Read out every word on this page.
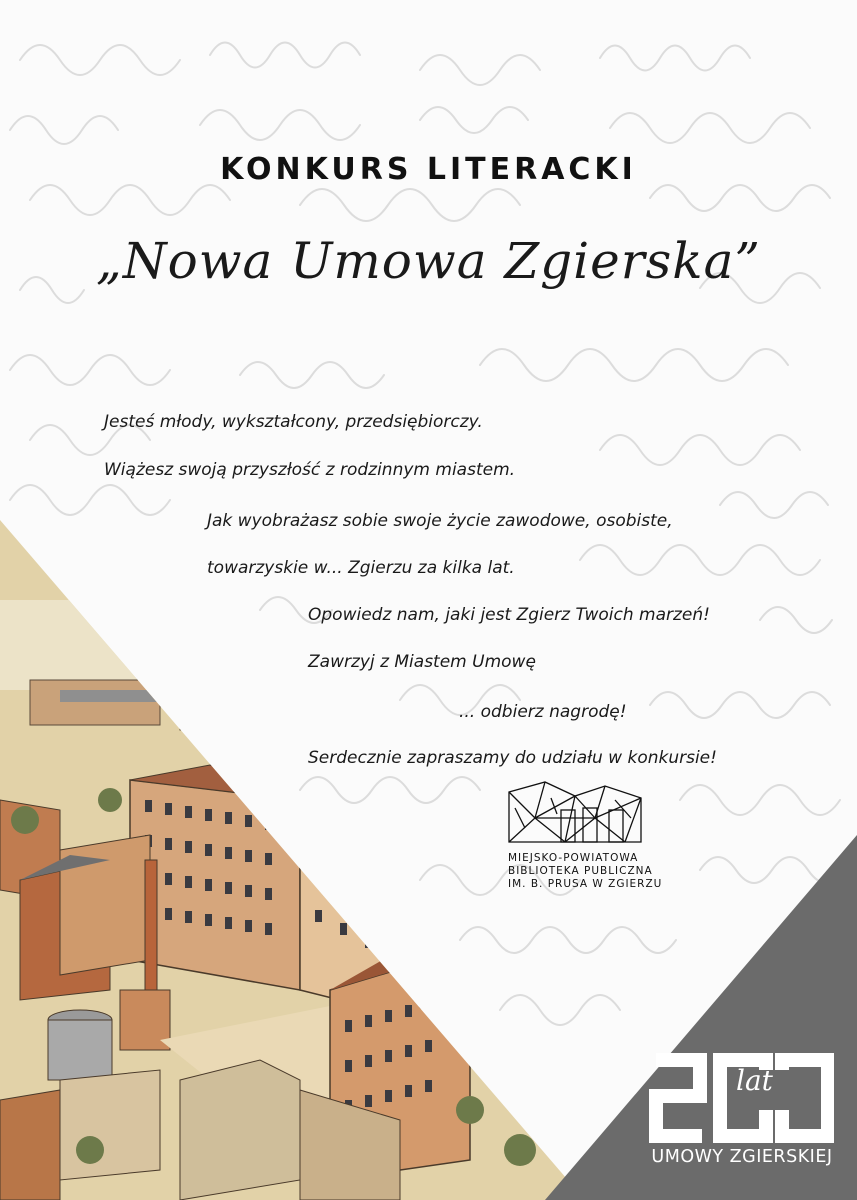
KONKURS LITERACKI
„Nowa Umowa Zgierska”
Jesteś młody, wykształcony, przedsiębiorczy.
Wiążesz swoją przyszłość z rodzinnym miastem.
Jak wyobrażasz sobie swoje życie zawodowe, osobiste,
towarzyskie w... Zgierzu za kilka lat.
Opowiedz nam, jaki jest Zgierz Twoich marzeń!
Zawrzyj z Miastem Umowę
... odbierz nagrodę!
Serdecznie zapraszamy do udziału w konkursie!
MIEJSKO-POWIATOWA
BIBLIOTEKA PUBLICZNA
IM. B. PRUSA W ZGIERZU
lat
UMOWY ZGIERSKIEJ
